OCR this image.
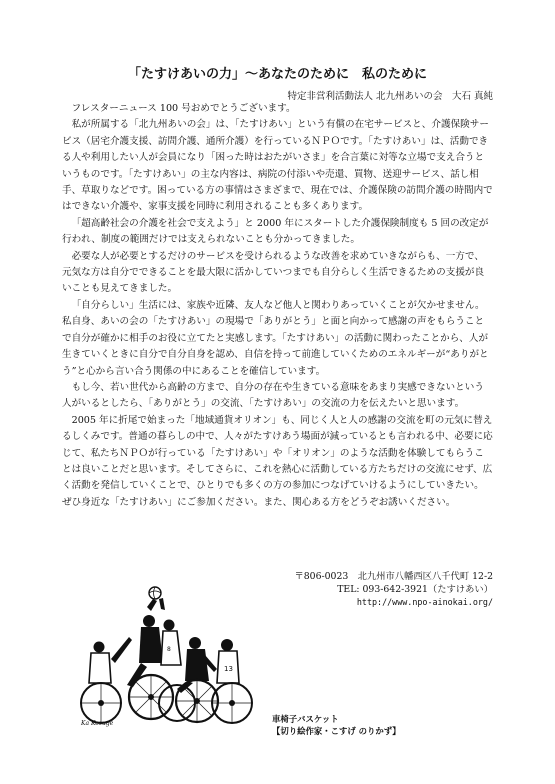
「たすけあいの力」～あなたのために　私のために
特定非営利活動法人 北九州あいの会　大石 真純

フレスターニュース 100 号おめでとうございます。

私が所属する「北九州あいの会」は、「たすけあい」という有償の在宅サービスと、介護保険サービス（居宅介護支援、訪問介護、通所介護）を行っているＮＰＯです。「たすけあい」は、活動できる人や利用したい人が会員になり「困った時はおたがいさま」を合言葉に対等な立場で支え合うというものです。「たすけあい」の主な内容は、病院の付添いや売還、買物、送迎サービス、話し相手、草取りなどです。困っている方の事情はさまざまで、現在では、介護保険の訪問介護の時間内ではできない介護や、家事支援を同時に利用されることも多くあります。

「超高齢社会の介護を社会で支えよう」と 2000 年にスタートした介護保険制度も 5 回の改定が行われ、制度の範囲だけでは支えられないことも分かってきました。

必要な人が必要とするだけのサービスを受けられるような改善を求めていきながらも、一方で、元気な方は自分でできることを最大限に活かしていつまでも自分らしく生活できるための支援が良いことも見えてきました。

「自分らしい」生活には、家族や近隣、友人など他人と関わりあっていくことが欠かせません。私自身、あいの会の「たすけあい」の現場で「ありがとう」と面と向かって感謝の声をもらうことで自分が確かに相手のお役に立てたと実感します。「たすけあい」の活動に関わったことから、人が生きていくときに自分で自分自身を認め、自信を持って前進していくためのエネルギーが“ありがとう”と心から言い合う関係の中にあることを確信しています。

もし今、若い世代から高齢の方まで、自分の存在や生きている意味をあまり実感できないという人がいるとしたら、「ありがとう」の交流、「たすけあい」の交流の力を伝えたいと思います。

2005 年に折尾で始まった「地域通貨オリオン」も、同じく人と人の感謝の交流を町の元気に替えるしくみです。普通の暮らしの中で、人々がたすけあう場面が減っているとも言われる中、必要に応じて、私たちＮＰＯが行っている「たすけあい」や「オリオン」のような活動を体験してもらうことは良いことだと思います。そしてさらに、これを熱心に活動している方たちだけの交流にせず、広く活動を発信していくことで、ひとりでも多くの方の参加につなげていけるようにしていきたい。ぜひ身近な「たすけあい」にご参加ください。また、関心ある方をどうぞお誘いください。

〒806-0023　北九州市八幡西区八千代町 12-2
TEL: 093-642-3921（たすけあい）
http://www.npo-ainokai.org/
13
8
Ka Kozuge	車椅子バスケット
【切り絵作家・こすげ のりかず】
